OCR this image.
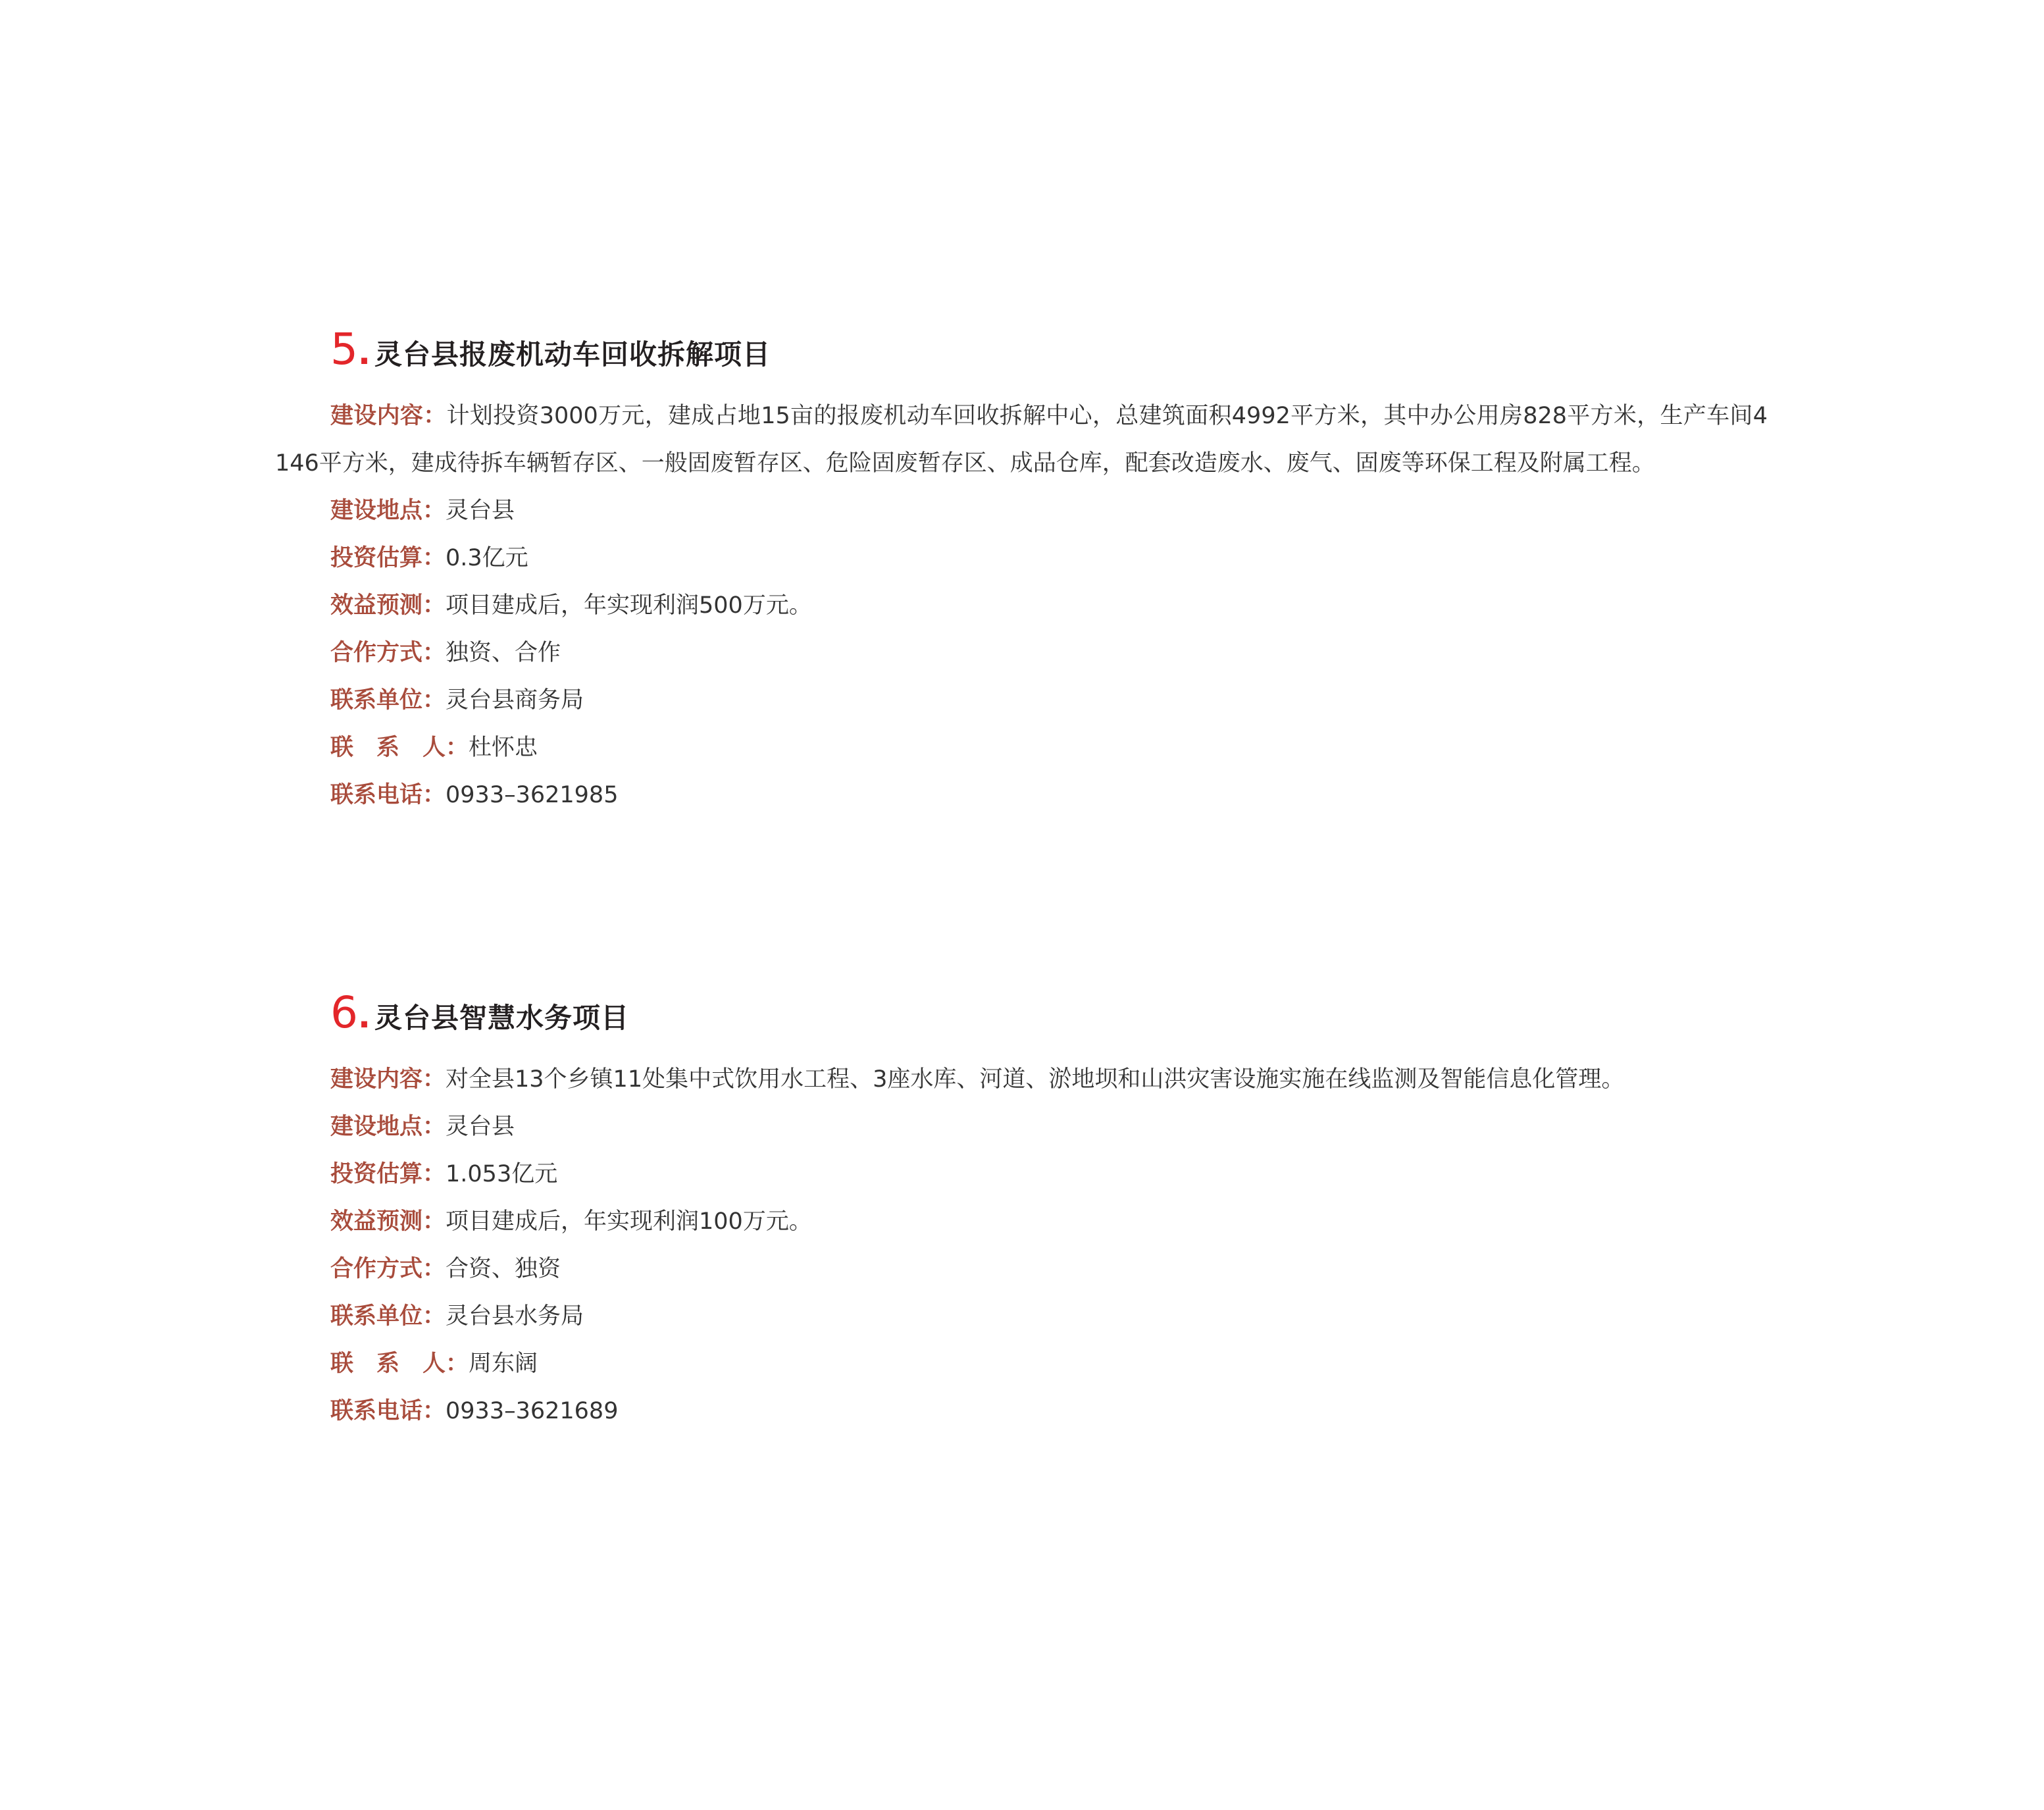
5 . 灵台县报废机动车回收拆解项目

建设内容：计划投资3000万元，建成占地15亩的报废机动车回收拆解中心，总建筑面积4992平方米，其中办公用房828平方米，生产车间4146平方米，建成待拆车辆暂存区、一般固废暂存区、危险固废暂存区、成品仓库，配套改造废水、废气、固废等环保工程及附属工程。

建设地点：灵台县

投资估算：0.3亿元

效益预测：项目建成后，年实现利润500万元。

合作方式：独资、合作

联系单位：灵台县商务局

联　系　人：杜怀忠

联系电话：0933–3621985

6 . 灵台县智慧水务项目

建设内容：对全县13个乡镇11处集中式饮用水工程、3座水库、河道、淤地坝和山洪灾害设施实施在线监测及智能信息化管理。

建设地点：灵台县

投资估算：1.053亿元

效益预测：项目建成后，年实现利润100万元。

合作方式：合资、独资

联系单位：灵台县水务局

联　系　人：周东阔

联系电话：0933–3621689
